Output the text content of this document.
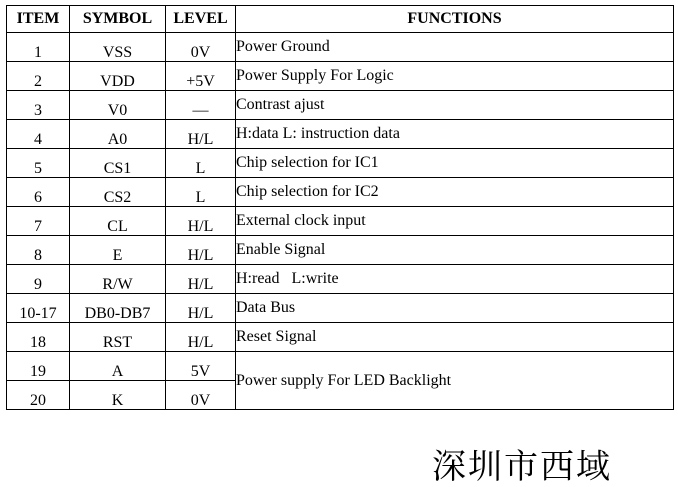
ITEM	SYMBOL	LEVEL	FUNCTIONS
1	VSS	0V	Power Ground
2	VDD	+5V	Power Supply For Logic
3	V0	—	Contrast ajust
4	A0	H/L	H:data L: instruction data
5	CS1	L	Chip selection for IC1
6	CS2	L	Chip selection for IC2
7	CL	H/L	External clock input
8	E	H/L	Enable Signal
9	R/W	H/L	H:read   L:write
10-17	DB0-DB7	H/L	Data Bus
18	RST	H/L	Reset Signal
19	A	5V	Power supply For LED Backlight
20	K	0V	
深圳市西域
